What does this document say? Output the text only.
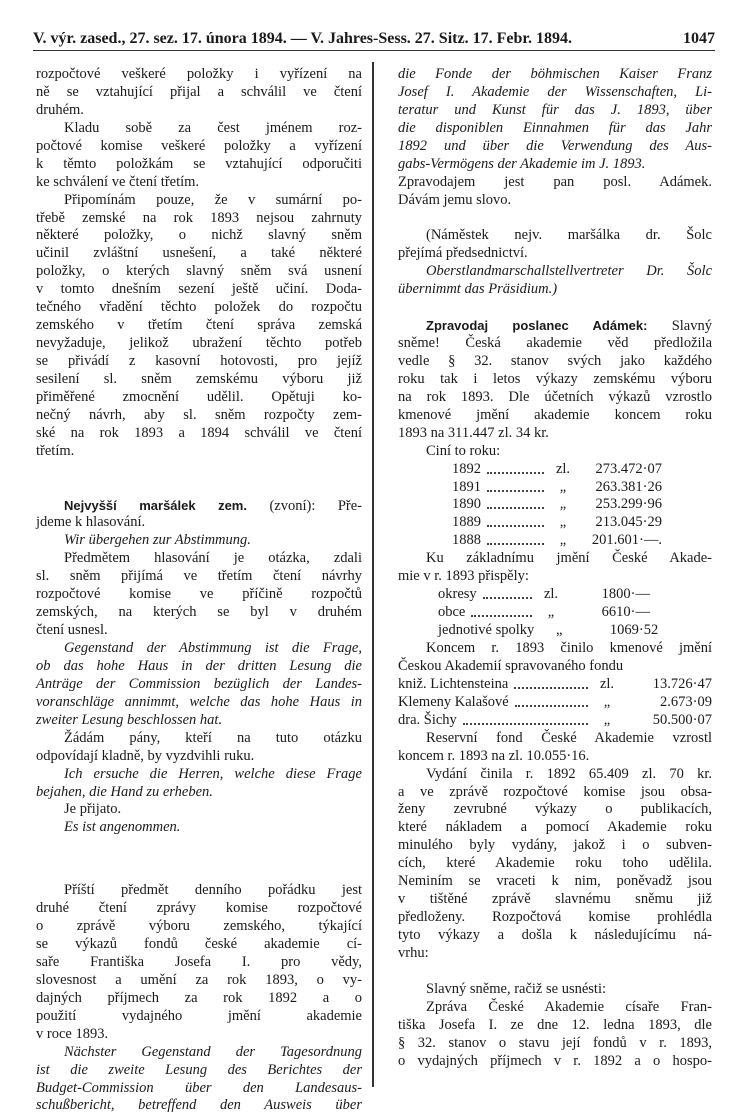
V. výr. zased., 27. sez. 17. února 1894. — V. Jahres-Sess. 27. Sitz. 17. Febr. 1894.	1047
rozpočtové veškeré položky i vyřízení na
ně se vztahující přijal a schválil ve čtení
druhém.
Kladu sobě za čest jménem roz-
počtové komise veškeré položky a vyřízení
k těmto položkám se vztahující odporučiti
ke schválení ve čtení třetím.
Připomínám pouze, že v sumární po-
třebě zemské na rok 1893 nejsou zahrnuty
některé položky, o nichž slavný sněm
učinil zvláštní usnešení, a také některé
položky, o kterých slavný sněm svá usnení
v tomto dnešním sezení ještě učiní. Doda-
tečného vřadění těchto položek do rozpočtu
zemského v třetím čtení správa zemská
nevyžaduje, jelikož ubražení těchto potřeb
se přivádí z kasovní hotovosti, pro jejíž
sesilení sl. sněm zemskému výboru již
přiměřené zmocnění udělil. Opětuji ko-
nečný návrh, aby sl. sněm rozpočty zem-
ské na rok 1893 a 1894 schválil ve čtení
třetím.
Nejvyšší maršálek zem. (zvoní): Pře-
jdeme k hlasování.
Wir übergehen zur Abstimmung.
Předmětem hlasování je otázka, zdali
sl. sněm přijímá ve třetím čtení návrhy
rozpočtové komise ve příčině rozpočtů
zemských, na kterých se byl v druhém
čtení usnesl.
Gegenstand der Abstimmung ist die Frage,
ob das hohe Haus in der dritten Lesung die
Anträge der Commission bezüglich der Landes-
voranschläge annimmt, welche das hohe Haus in
zweiter Lesung beschlossen hat.
Žádám pány, kteří na tuto otázku
odpovídají kladně, by vyzdvihli ruku.
Ich ersuche die Herren, welche diese Frage
bejahen, die Hand zu erheben.
Je přijato.
Es ist angenommen.
Příští předmět denního pořádku jest
druhé čtení zprávy komise rozpočtové
o zprávě výboru zemského, týkající
se výkazů fondů české akademie cí-
saře Františka Josefa I. pro vědy,
slovesnost a umění za rok 1893, o vy-
dajných příjmech za rok 1892 a o
použití vydajného jmění akademie
v roce 1893.
Nächster Gegenstand der Tagesordnung
ist die zweite Lesung des Berichtes der
Budget-Commission über den Landesaus-
schußbericht, betreffend den Ausweis über
die Fonde der böhmischen Kaiser Franz
Josef I. Akademie der Wissenschaften, Li-
teratur und Kunst für das J. 1893, über
die disponiblen Einnahmen für das Jahr
1892 und über die Verwendung des Aus-
gabs-Vermögens der Akademie im J. 1893.
Zpravodajem jest pan posl. Adámek.
Dávám jemu slovo.
(Náměstek nejv. maršálka dr. Šolc
přejímá předsednictví.
Oberstlandmarschallstellvertreter Dr. Šolc
übernimmt das Präsidium.)
Zpravodaj poslanec Adámek: Slavný
sněme! Česká akademie věd předložila
vedle § 32. stanov svých jako každého
roku tak i letos výkazy zemskému výboru
na rok 1893. Dle účetních výkazů vzrostlo
kmenové jmění akademie koncem roku
1893 na 311.447 zl. 34 kr.
Ciní to roku:
1892	zl.	273.472·07
1891	„	263.381·26
1890	„	253.299·96
1889	„	213.045·29
1888	„	201.601·—.
Ku základnímu jmění České Akade-
mie v r. 1893 přispěly:
okresy	zl.	1800·—
obce	„	6610·—
jednotivé spolky	„	1069·52
Koncem r. 1893 činilo kmenové jmění
Českou Akademií spravovaného fondu
kniž. Lichtensteina	zl.	13.726·47
Klemeny Kalašové	„	2.673·09
dra. Šichy	„	50.500·07
Reservní fond České Akademie vzrostl
koncem r. 1893 na zl. 10.055·16.
Vydání činila r. 1892 65.409 zl. 70 kr.
a ve zprávě rozpočtové komise jsou obsa-
ženy zevrubné výkazy o publikacích,
které nákladem a pomocí Akademie roku
minulého byly vydány, jakož i o subven-
cích, které Akademie roku toho udělila.
Neminím se vraceti k nim, poněvadž jsou
v tištěné zprávě slavnému sněmu již
předloženy. Rozpočtová komise prohlédla
tyto výkazy a došla k následujícímu ná-
vrhu:
Slavný sněme, račiž se usnésti:
Zpráva České Akademie císaře Fran-
tiška Josefa I. ze dne 12. ledna 1893, dle
§ 32. stanov o stavu její fondů v r. 1893,
o vydajných příjmech v r. 1892 a o hospo-
